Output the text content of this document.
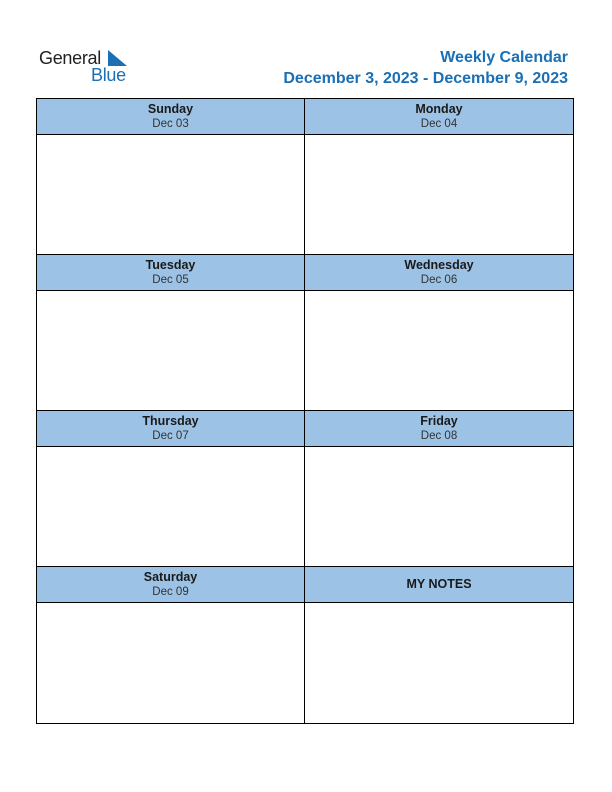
General
Blue
Weekly Calendar
December 3, 2023 - December 9, 2023
Sunday
Dec 03
Monday
Dec 04
Tuesday
Dec 05
Wednesday
Dec 06
Thursday
Dec 07
Friday
Dec 08
Saturday
Dec 09
MY NOTES
